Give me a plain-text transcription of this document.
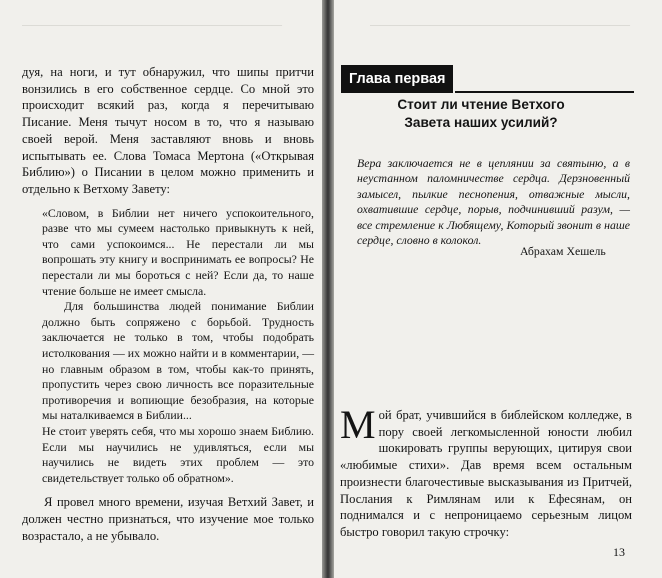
——————————————————————————	——————————————————————————

дуя, на ноги, и тут обнаружил, что шипы притчи вонзились в его собственное сердце. Со мной это происходит всякий раз, когда я перечитываю Писание. Меня тычут носом в то, что я называю своей верой. Меня заставляют вновь и вновь испытывать ее. Слова Томаса Мертона («Открывая Библию») о Писании в целом можно применить и отдельно к Ветхому Завету:

«Словом, в Библии нет ничего успокоительного, разве что мы сумеем настолько привыкнуть к ней, что сами успокоимся... Не перестали ли мы вопрошать эту книгу и воспринимать ее вопросы? Не перестали ли мы бороться с ней? Если да, то наше чтение больше не имеет смысла.

Для большинства людей понимание Библии должно быть сопряжено с борьбой. Трудность заключается не только в том, чтобы подобрать истолкования — их можно найти и в комментарии, — но главным образом в том, чтобы как-то принять, пропустить через свою личность все поразительные противоречия и вопиющие безобразия, на которые мы наталкиваемся в Библии...

Не стоит уверять себя, что мы хорошо знаем Библию. Если мы научились не удивляться, если мы научились не видеть этих проблем — это свидетельствует только об обратном».

Я провел много времени, изучая Ветхий Завет, и должен честно признаться, что изучение мое только возрастало, а не убывало.

Глава первая
Стоит ли чтение Ветхого Завета наших усилий?

Вера заключается не в цеплянии за святыню, а в неустанном паломничестве сердца. Дерзновенный замысел, пылкие песнопения, отважные мысли, охватившие сердце, порыв, подчинивший разум, — все стремление к Любящему, Который звонит в наше сердце, словно в колокол.

Абрахам Хешель

Мой брат, учившийся в библейском колледже, в пору своей легкомысленной юности любил шокировать группы верующих, цитируя свои «любимые стихи». Дав время всем остальным произнести благочестивые высказывания из Притчей, Послания к Римлянам или к Ефесянам, он поднимался и с непроницаемо серьезным лицом быстро говорил такую строчку:

13
